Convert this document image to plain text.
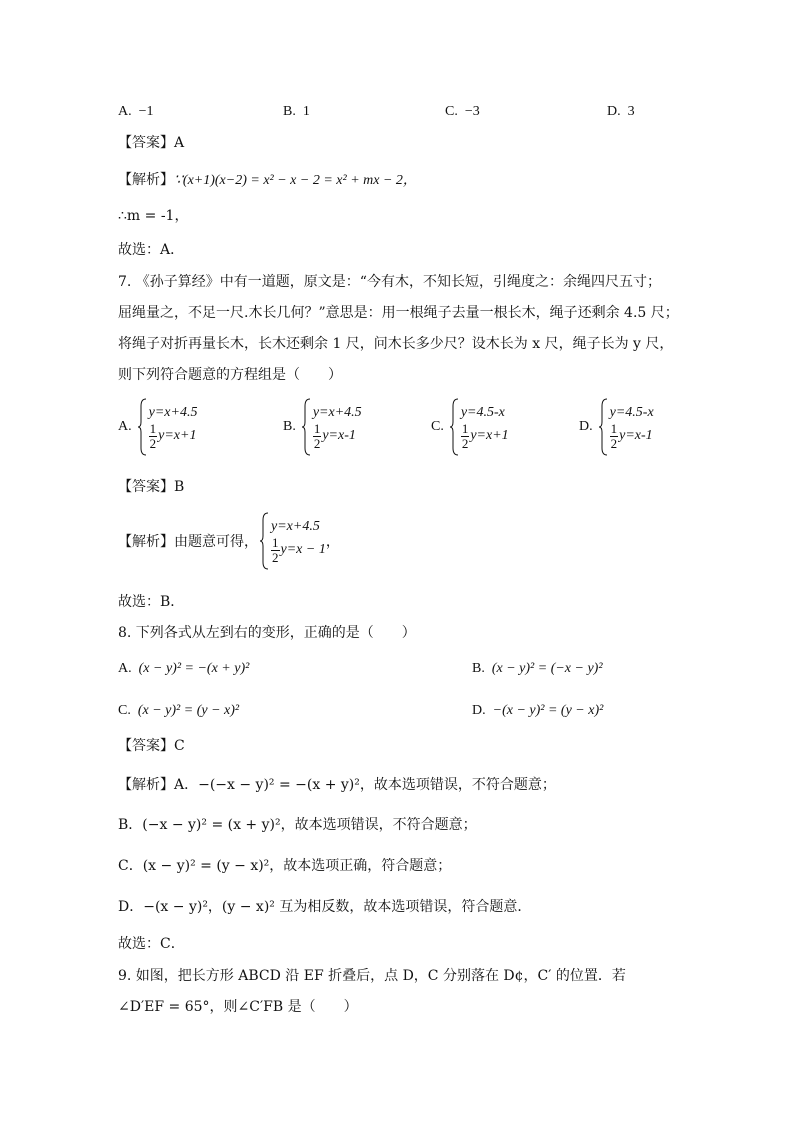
A. −1	B. 1	C. −3	D. 3
【答案】A
【解析】∵(x+1)(x−2) = x² − x − 2 = x² + mx − 2，
∴m = -1，
故选：A．
7. 《孙子算经》中有一道题，原文是：“今有木，不知长短，引绳度之：余绳四尺五寸；
屈绳量之，不足一尺.木长几何？”意思是：用一根绳子去量一根长木，绳子还剩余 4.5 尺；
将绳子对折再量长木，长木还剩余 1 尺，问木长多少尺？设木长为 x 尺，绳子长为 y 尺，
则下列符合题意的方程组是（　　）
A.
y=x+4.5
$\frac{1}{2} y=x+1$
B.
y=x+4.5
$\frac{1}{2} y=x-1$
C.
y=4.5-x
$\frac{1}{2} y=x+1$
D.
y=4.5-x
$\frac{1}{2} y=x-1$
【答案】B
【解析】由题意可得，
y=x+4.5
$\frac{1}{2} y=x - 1$ ，
故选：B．
8. 下列各式从左到右的变形，正确的是（　　）
A. (x − y)² = −(x + y)²	B. (x − y)² = (−x − y)²
C. (x − y)² = (y − x)²	D. −(x − y)² = (y − x)²
【答案】C
【解析】A．−(−x − y)² = −(x + y)²，故本选项错误，不符合题意；
B．(−x − y)² = (x + y)²，故本选项错误，不符合题意；
C．(x − y)² = (y − x)²，故本选项正确，符合题意；
D．−(x − y)²，(y − x)² 互为相反数，故本选项错误，符合题意．
故选：C．
9. 如图，把长方形 ABCD 沿 EF 折叠后，点 D，C 分别落在 D¢，C′ 的位置．若
∠D′EF = 65°，则∠C′FB 是（　　）
